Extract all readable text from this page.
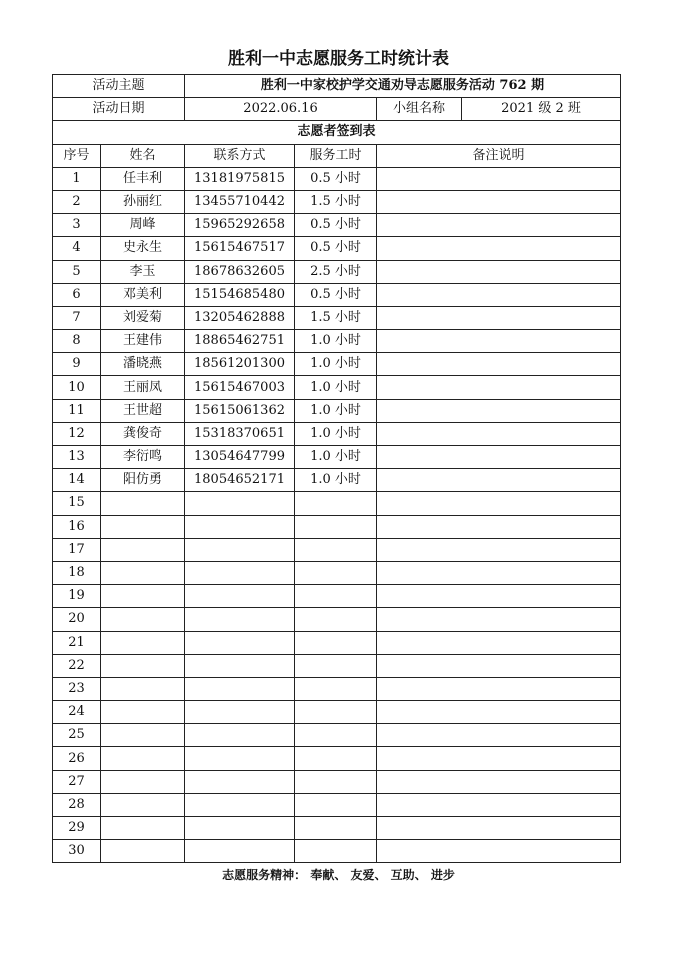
胜利一中志愿服务工时统计表
活动主题		胜利一中家校护学交通劝导志愿服务活动 762 期		
活动日期		2022.06.16		小组名称 2021 级 2 班

志愿者签到表				
序号	姓名	联系方式	服务工时	备注说明
1	任丰利	13181975815	0.5 小时	
2	孙丽红	13455710442	1.5 小时	
3	周峰	15965292658	0.5 小时	
4	史永生	15615467517	0.5 小时	
5	李玉	18678632605	2.5 小时	
6	邓美利	15154685480	0.5 小时	
7	刘爱菊	13205462888	1.5 小时	
8	王建伟	18865462751	1.0 小时	
9	潘晓燕	18561201300	1.0 小时	
10	王丽凤	15615467003	1.0 小时	
11	王世超	15615061362	1.0 小时	
12	龚俊奇	15318370651	1.0 小时	
13	李衍鸣	13054647799	1.0 小时	
14	阳仿勇	18054652171	1.0 小时	
15				
16				
17				
18				
19				
20				
21				
22				
23				
24				
25				
26				
27				
28				
29				
30				
志愿服务精神： 奉献、 友爱、 互助、 进步
